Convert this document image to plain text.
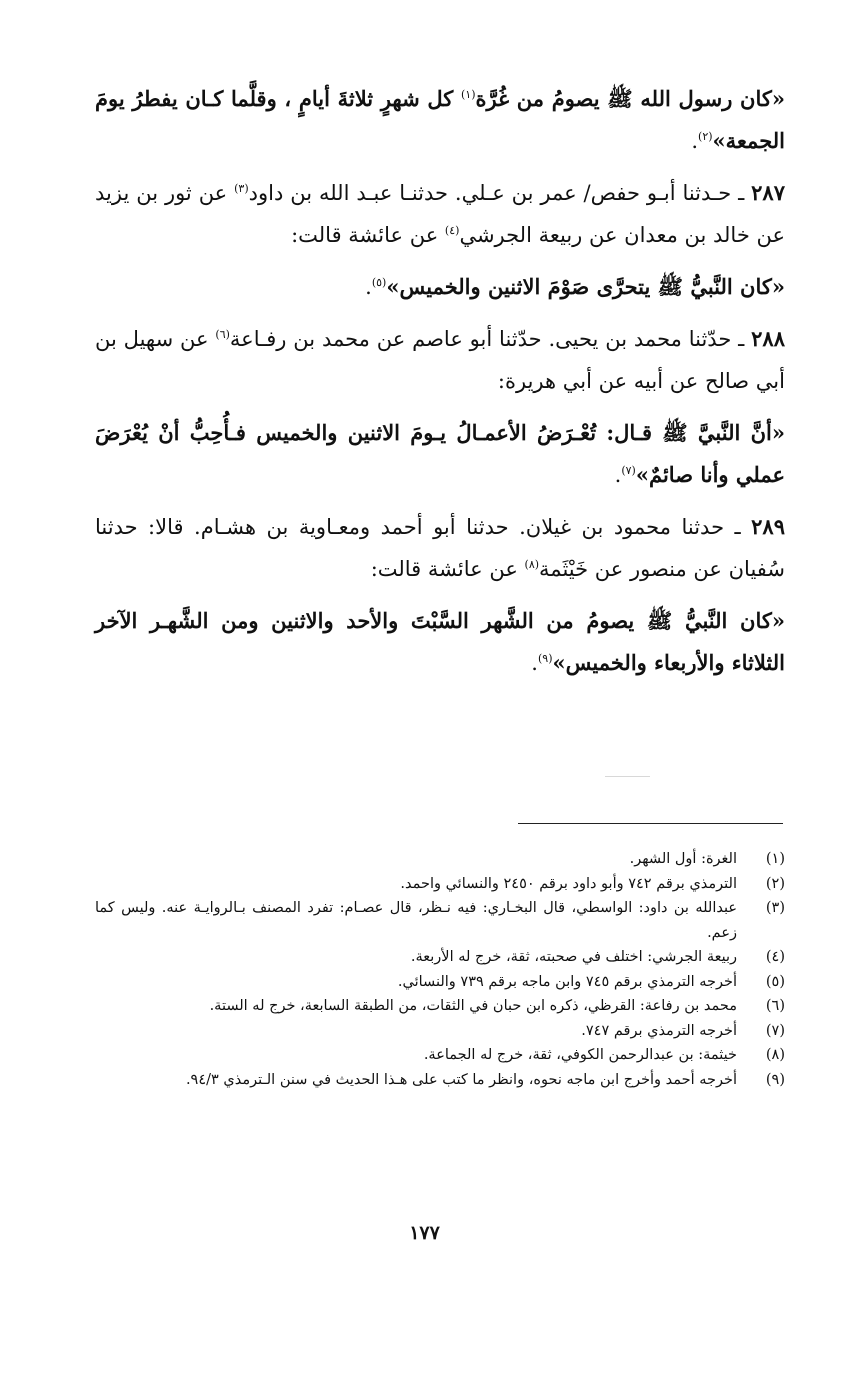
«كان رسول الله ﷺ يصومُ من غُرَّة$^{(١)}$ كل شهرٍ ثلاثةَ أيامٍ ، وقلَّما كـان يفطرُ يومَ الجمعة»$^{(٢)}$.

٢٨٧ ـ حـدثنا أبـو حفص/ عمر بن عـلي. حدثنـا عبـد الله بن داود$^{(٣)}$ عن ثور بن يزيد عن خالد بن معدان عن ربيعة الجرشي$^{(٤)}$ عن عائشة قالت:

«كان النَّبيُّ ﷺ يتحرَّى صَوْمَ الاثنين والخميس»$^{(٥)}$.

٢٨٨ ـ حدّثنا محمد بن يحيى. حدّثنا أبو عاصم عن محمد بن رفـاعة$^{(٦)}$ عن سهيل بن أبي صالح عن أبيه عن أبي هريرة:

«أنَّ النَّبيَّ ﷺ قـال: تُعْـرَضُ الأعمـالُ يـومَ الاثنين والخميس فـأُحِبُّ أنْ يُعْرَضَ عملي وأنا صائمٌ»$^{(٧)}$.

٢٨٩ ـ حدثنا محمود بن غيلان. حدثنا أبو أحمد ومعـاوية بن هشـام. قالا: حدثنا سُفيان عن منصور عن خَيْثَمة$^{(٨)}$ عن عائشة قالت:

«كان النَّبيُّ ﷺ يصومُ من الشَّهر السَّبْتَ والأحد والاثنين ومن الشَّهـر الآخر الثلاثاء والأربعاء والخميس»$^{(٩)}$.

(١)
الغرة: أول الشهر.
(٢)
الترمذي برقم ٧٤٢ وأبو داود برقم ٢٤٥٠ والنسائي واحمد.
(٣)
عبدالله بن داود: الواسطي، قال البخـاري: فيه نـظر، قال عصـام: تفرد المصنف بـالروايـة عنه. وليس كما زعم.
(٤)
ربيعة الجرشي: اختلف في صحبته، ثقة، خرج له الأربعة.
(٥)
أخرجه الترمذي برقم ٧٤٥ وابن ماجه برقم ٧٣٩ والنسائي.
(٦)
محمد بن رفاعة: القرظي، ذكره ابن حبان في الثقات، من الطبقة السابعة، خرج له الستة.
(٧)
أخرجه الترمذي برقم ٧٤٧.
(٨)
خيثمة: بن عبدالرحمن الكوفي، ثقة، خرج له الجماعة.
(٩)
أخرجه أحمد وأخرج ابن ماجه نحوه، وانظر ما كتب على هـذا الحديث في سنن الـترمذي ٩٤/٣.
١٧٧
